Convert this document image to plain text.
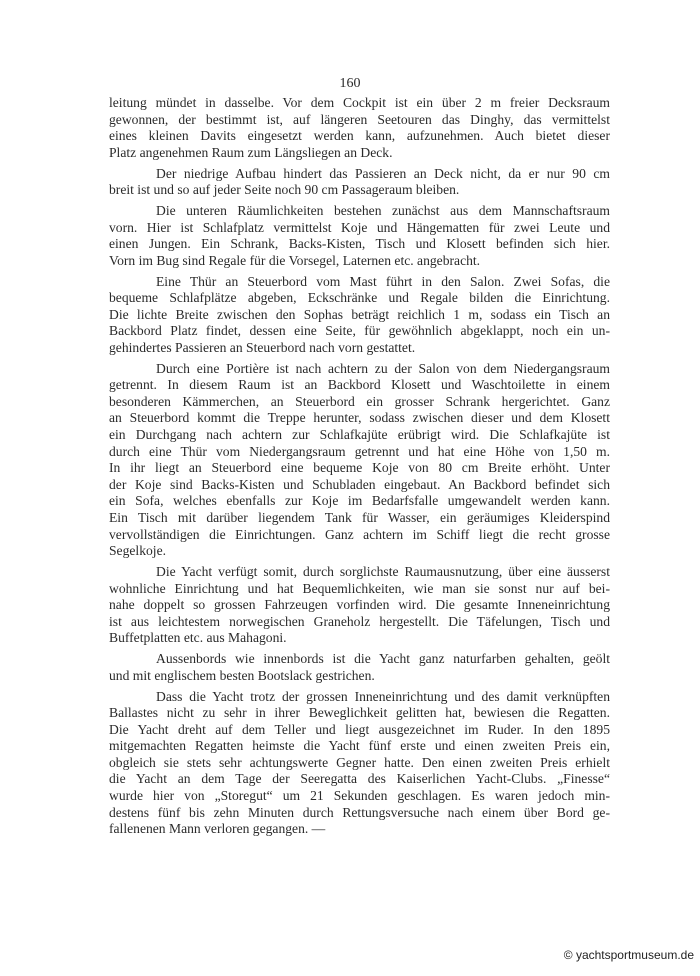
160
leitung mündet in dasselbe. Vor dem Cockpit ist ein über 2 m freier Decksraum
gewonnen, der bestimmt ist, auf längeren Seetouren das Dinghy, das vermittelst
eines kleinen Davits eingesetzt werden kann, aufzunehmen. Auch bietet dieser
Platz angenehmen Raum zum Längsliegen an Deck.
Der niedrige Aufbau hindert das Passieren an Deck nicht, da er nur 90 cm
breit ist und so auf jeder Seite noch 90 cm Passageraum bleiben.
Die unteren Räumlichkeiten bestehen zunächst aus dem Mannschaftsraum
vorn. Hier ist Schlafplatz vermittelst Koje und Hängematten für zwei Leute und
einen Jungen. Ein Schrank, Backs-Kisten, Tisch und Klosett befinden sich hier.
Vorn im Bug sind Regale für die Vorsegel, Laternen etc. angebracht.
Eine Thür an Steuerbord vom Mast führt in den Salon. Zwei Sofas, die
bequeme Schlafplätze abgeben, Eckschränke und Regale bilden die Einrichtung.
Die lichte Breite zwischen den Sophas beträgt reichlich 1 m, sodass ein Tisch an
Backbord Platz findet, dessen eine Seite, für gewöhnlich abgeklappt, noch ein un-
gehindertes Passieren an Steuerbord nach vorn gestattet.
Durch eine Portière ist nach achtern zu der Salon von dem Niedergangsraum
getrennt. In diesem Raum ist an Backbord Klosett und Waschtoilette in einem
besonderen Kämmerchen, an Steuerbord ein grosser Schrank hergerichtet. Ganz
an Steuerbord kommt die Treppe herunter, sodass zwischen dieser und dem Klosett
ein Durchgang nach achtern zur Schlafkajüte erübrigt wird. Die Schlafkajüte ist
durch eine Thür vom Niedergangsraum getrennt und hat eine Höhe von 1,50 m.
In ihr liegt an Steuerbord eine bequeme Koje von 80 cm Breite erhöht. Unter
der Koje sind Backs-Kisten und Schubladen eingebaut. An Backbord befindet sich
ein Sofa, welches ebenfalls zur Koje im Bedarfsfalle umgewandelt werden kann.
Ein Tisch mit darüber liegendem Tank für Wasser, ein geräumiges Kleiderspind
vervollständigen die Einrichtungen. Ganz achtern im Schiff liegt die recht grosse
Segelkoje.
Die Yacht verfügt somit, durch sorglichste Raumausnutzung, über eine äusserst
wohnliche Einrichtung und hat Bequemlichkeiten, wie man sie sonst nur auf bei-
nahe doppelt so grossen Fahrzeugen vorfinden wird. Die gesamte Inneneinrichtung
ist aus leichtestem norwegischen Graneholz hergestellt. Die Täfelungen, Tisch und
Buffetplatten etc. aus Mahagoni.
Aussenbords wie innenbords ist die Yacht ganz naturfarben gehalten, geölt
und mit englischem besten Bootslack gestrichen.
Dass die Yacht trotz der grossen Inneneinrichtung und des damit verknüpften
Ballastes nicht zu sehr in ihrer Beweglichkeit gelitten hat, bewiesen die Regatten.
Die Yacht dreht auf dem Teller und liegt ausgezeichnet im Ruder. In den 1895
mitgemachten Regatten heimste die Yacht fünf erste und einen zweiten Preis ein,
obgleich sie stets sehr achtungswerte Gegner hatte. Den einen zweiten Preis erhielt
die Yacht an dem Tage der Seeregatta des Kaiserlichen Yacht-Clubs. „Finesse“
wurde hier von „Storegut“ um 21 Sekunden geschlagen. Es waren jedoch min-
destens fünf bis zehn Minuten durch Rettungsversuche nach einem über Bord ge-
fallenenen Mann verloren gegangen. —
© yachtsportmuseum.de
